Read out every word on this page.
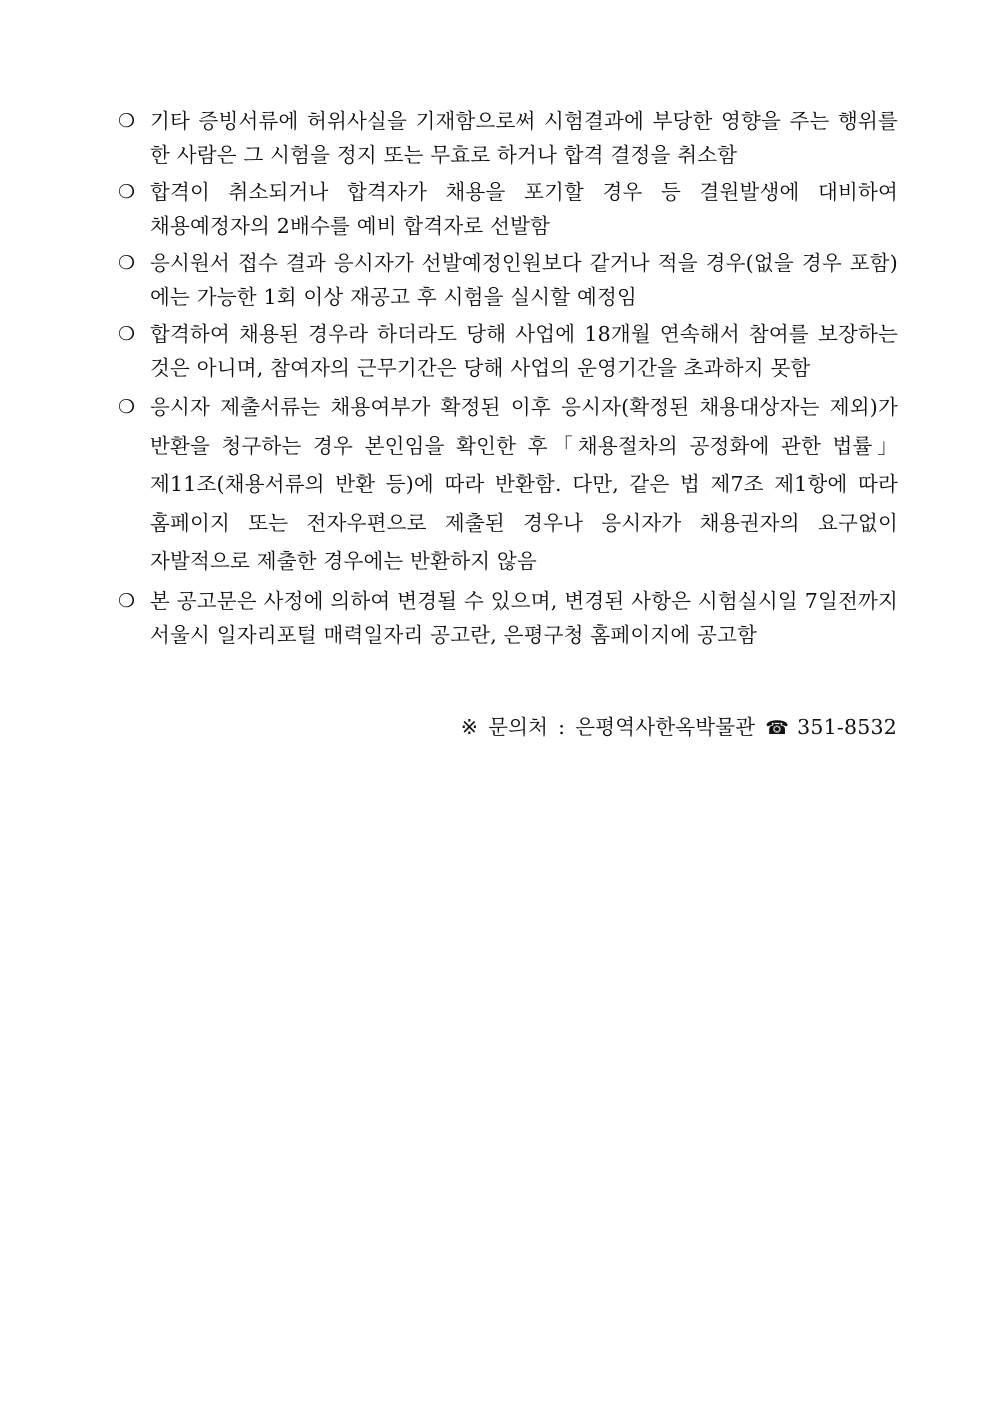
❍ 기타 증빙서류에 허위사실을 기재함으로써 시험결과에 부당한 영향을 주는 행위를 한 사람은 그 시험을 정지 또는 무효로 하거나 합격 결정을 취소함
❍ 합격이 취소되거나 합격자가 채용을 포기할 경우 등 결원발생에 대비하여 채용예정자의 2배수를 예비 합격자로 선발함
❍ 응시원서 접수 결과 응시자가 선발예정인원보다 같거나 적을 경우(없을 경우 포함)에는 가능한 1회 이상 재공고 후 시험을 실시할 예정임
❍ 합격하여 채용된 경우라 하더라도 당해 사업에 18개월 연속해서 참여를 보장하는 것은 아니며, 참여자의 근무기간은 당해 사업의 운영기간을 초과하지 못함
❍ 응시자 제출서류는 채용여부가 확정된 이후 응시자(확정된 채용대상자는 제외)가 반환을 청구하는 경우 본인임을 확인한 후「채용절차의 공정화에 관한 법률」제11조(채용서류의 반환 등)에 따라 반환함. 다만, 같은 법 제7조 제1항에 따라 홈페이지 또는 전자우편으로 제출된 경우나 응시자가 채용권자의 요구없이 자발적으로 제출한 경우에는 반환하지 않음
❍ 본 공고문은 사정에 의하여 변경될 수 있으며, 변경된 사항은 시험실시일 7일전까지 서울시 일자리포털 매력일자리 공고란, 은평구청 홈페이지에 공고함
※ 문의처 : 은평역사한옥박물관 ☎ 351-8532
